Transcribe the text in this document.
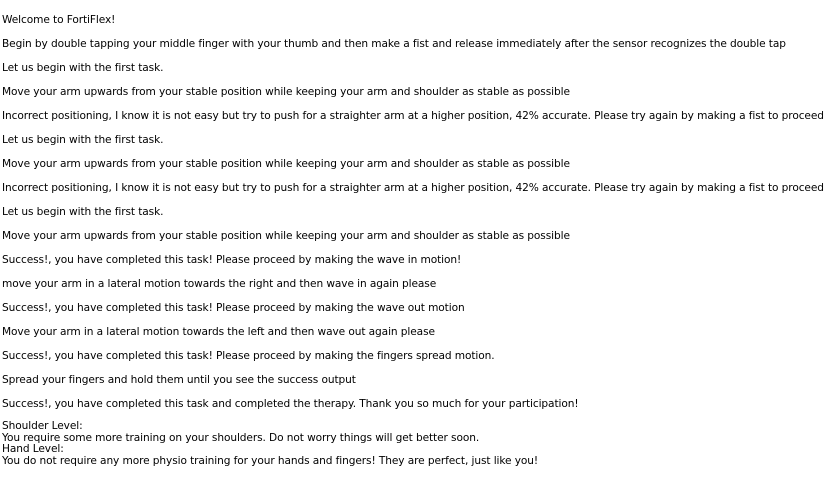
Welcome to FortiFlex!
Begin by double tapping your middle finger with your thumb and then make a fist and release immediately after the sensor recognizes the double tap
Let us begin with the first task.
Move your arm upwards from your stable position while keeping your arm and shoulder as stable as possible
Incorrect positioning, I know it is not easy but try to push for a straighter arm at a higher position, 42% accurate. Please try again by making a fist to proceed
Let us begin with the first task.
Move your arm upwards from your stable position while keeping your arm and shoulder as stable as possible
Incorrect positioning, I know it is not easy but try to push for a straighter arm at a higher position, 42% accurate. Please try again by making a fist to proceed
Let us begin with the first task.
Move your arm upwards from your stable position while keeping your arm and shoulder as stable as possible
Success!, you have completed this task! Please proceed by making the wave in motion!
move your arm in a lateral motion towards the right and then wave in again please
Success!, you have completed this task! Please proceed by making the wave out motion
Move your arm in a lateral motion towards the left and then wave out again please
Success!, you have completed this task! Please proceed by making the fingers spread motion.
Spread your fingers and hold them until you see the success output
Success!, you have completed this task and completed the therapy. Thank you so much for your participation!
Shoulder Level:
You require some more training on your shoulders. Do not worry things will get better soon.
Hand Level:
You do not require any more physio training for your hands and fingers! They are perfect, just like you!
